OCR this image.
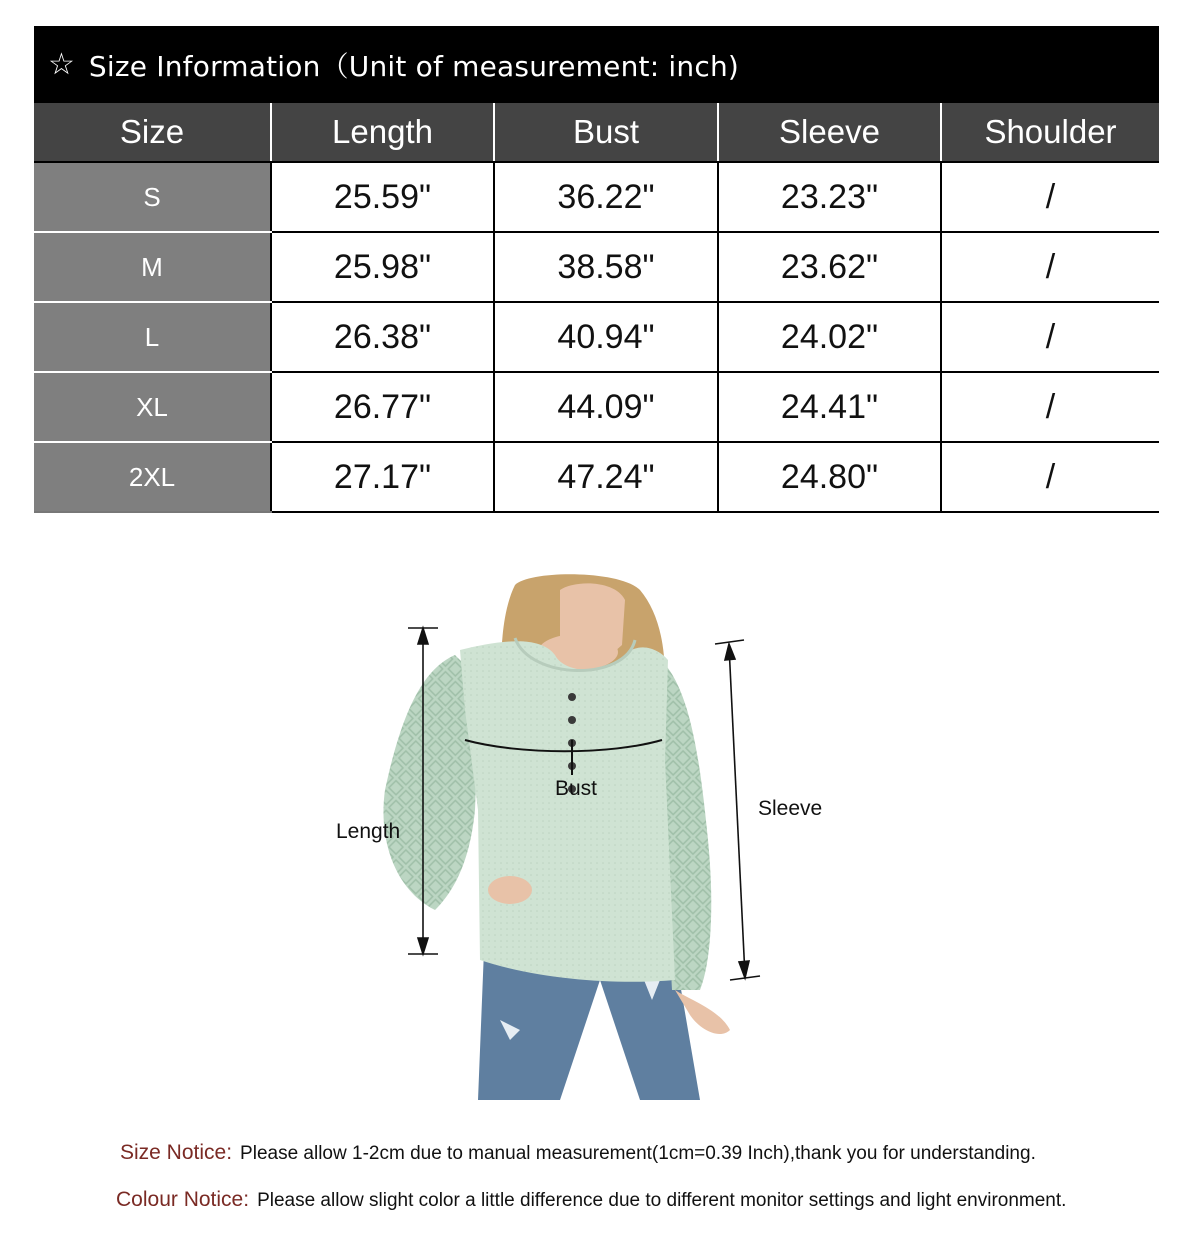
☆ Size Information（Unit of measurement: inch)
Size	Length	Bust	Sleeve	Shoulder
S	25.59"	36.22"	23.23"	/
M	25.98"	38.58"	23.62"	/
L	26.38"	40.94"	24.02"	/
XL	26.77"	44.09"	24.41"	/
2XL	27.17"	47.24"	24.80"	/
Length
Bust
Sleeve
Size Notice: Please allow 1-2cm due to manual measurement(1cm=0.39 Inch),thank you for understanding.
Colour Notice: Please allow slight color a little difference due to different monitor settings and light environment.
